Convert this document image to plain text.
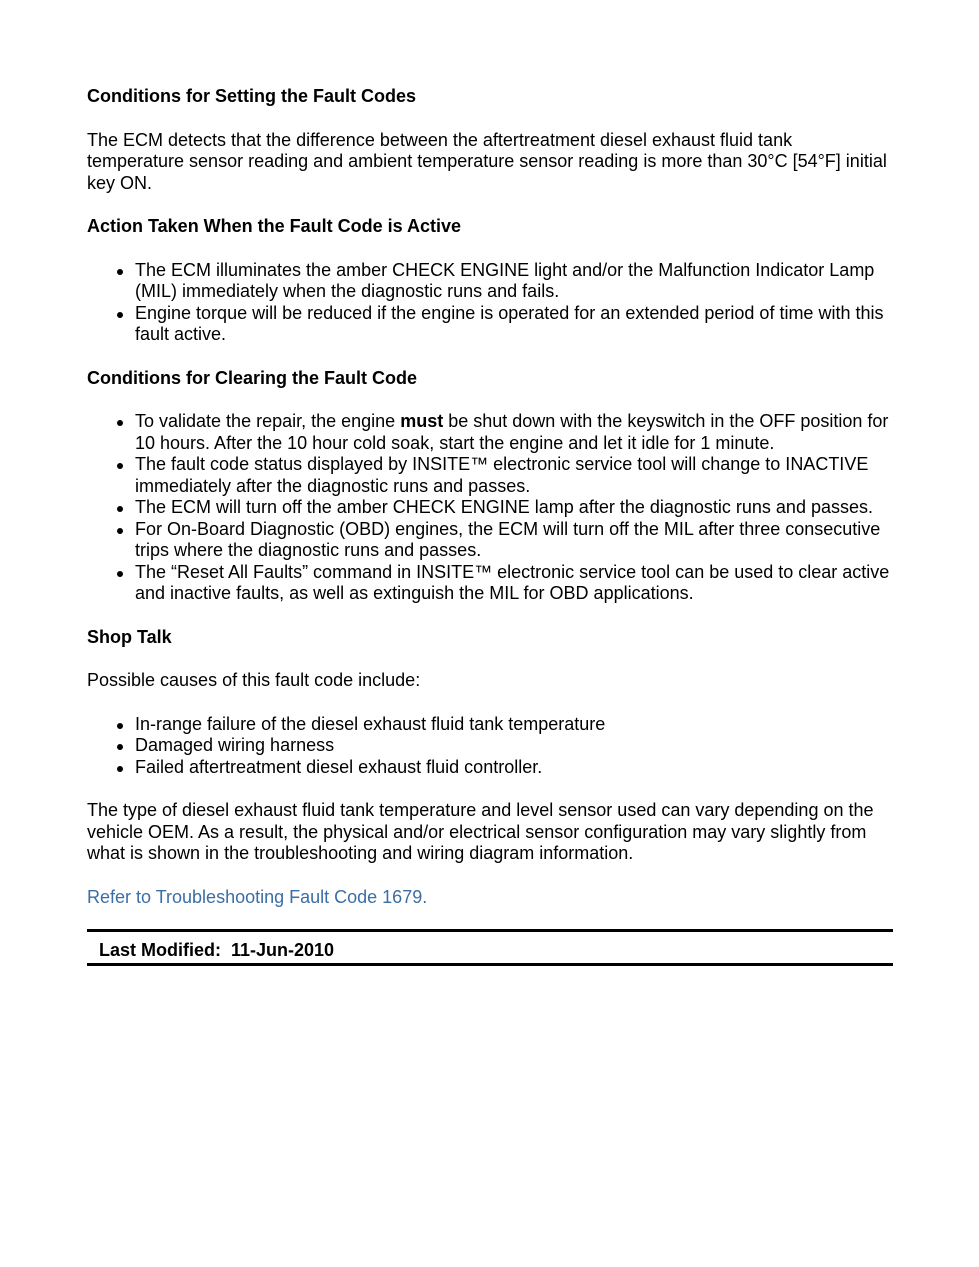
Conditions for Setting the Fault Codes
The ECM detects that the difference between the aftertreatment diesel exhaust fluid tank temperature sensor reading and ambient temperature sensor reading is more than 30°C [54°F] initial key ON.
Action Taken When the Fault Code is Active
The ECM illuminates the amber CHECK ENGINE light and/or the Malfunction Indicator Lamp (MIL) immediately when the diagnostic runs and fails.
Engine torque will be reduced if the engine is operated for an extended period of time with this fault active.
Conditions for Clearing the Fault Code
To validate the repair, the engine must be shut down with the keyswitch in the OFF position for 10 hours. After the 10 hour cold soak, start the engine and let it idle for 1 minute.
The fault code status displayed by INSITE™ electronic service tool will change to INACTIVE immediately after the diagnostic runs and passes.
The ECM will turn off the amber CHECK ENGINE lamp after the diagnostic runs and passes.
For On-Board Diagnostic (OBD) engines, the ECM will turn off the MIL after three consecutive trips where the diagnostic runs and passes.
The “Reset All Faults” command in INSITE™ electronic service tool can be used to clear active and inactive faults, as well as extinguish the MIL for OBD applications.
Shop Talk
Possible causes of this fault code include:
In-range failure of the diesel exhaust fluid tank temperature
Damaged wiring harness
Failed aftertreatment diesel exhaust fluid controller.
The type of diesel exhaust fluid tank temperature and level sensor used can vary depending on the vehicle OEM. As a result, the physical and/or electrical sensor configuration may vary slightly from what is shown in the troubleshooting and wiring diagram information.
Refer to Troubleshooting Fault Code 1679.
Last Modified:  11-Jun-2010
